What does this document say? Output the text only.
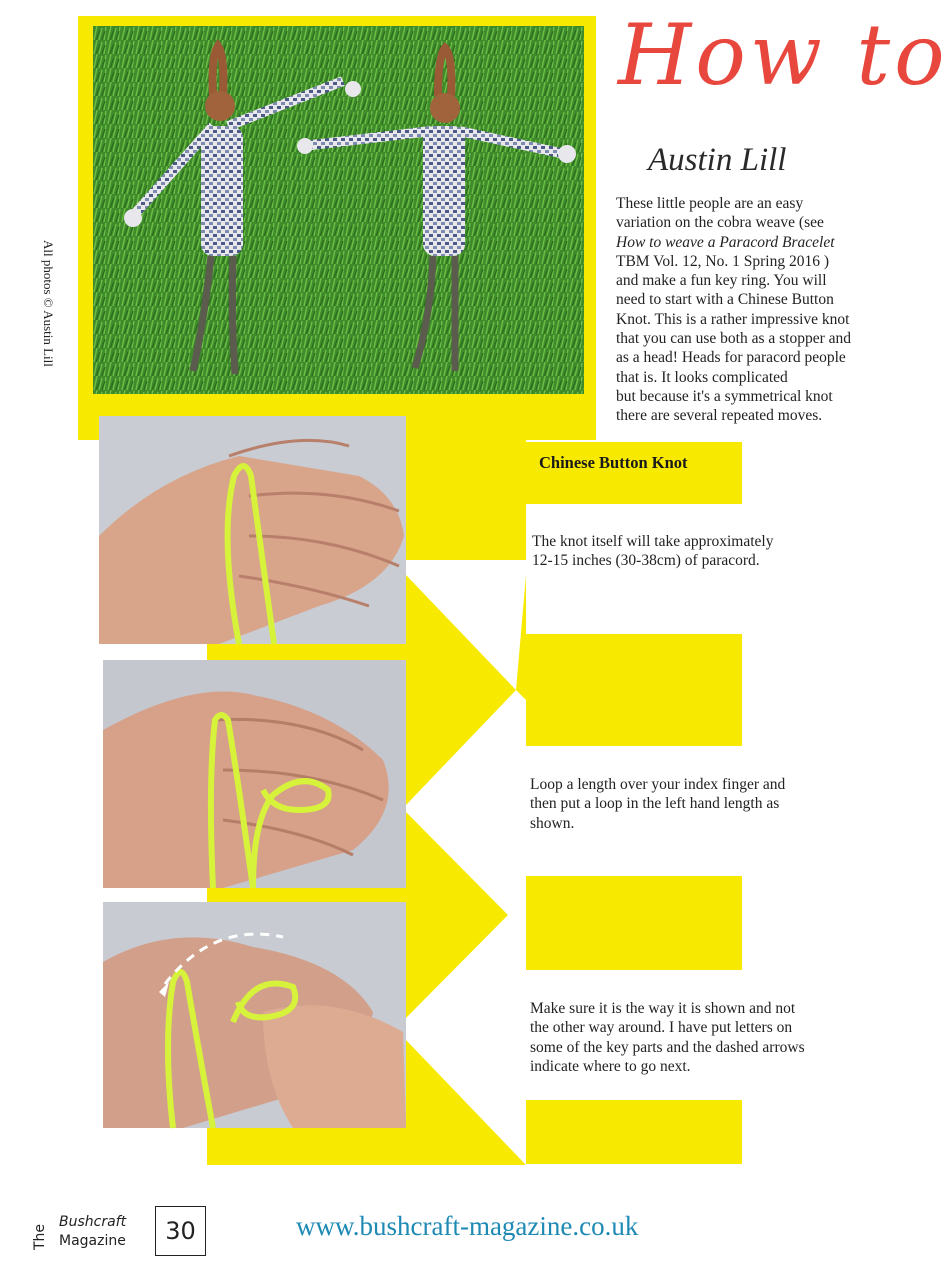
All photos © Austin Lill
How to
Austin Lill
These little people are an easy
variation on the cobra weave (see
How to weave a Paracord Bracelet
TBM Vol. 12, No. 1 Spring 2016 )
and make a fun key ring. You will
need to start with a Chinese Button
Knot. This is a rather impressive knot
that you can use both as a stopper and
as a head! Heads for paracord people
that is. It looks complicated
but because it's a symmetrical knot
there are several repeated moves.
Chinese Button Knot
The knot itself will take approximately
12-15 inches (30-38cm) of paracord.
Loop a length over your index finger and
then put a loop in the left hand length as
shown.
Make sure it is the way it is shown and not
the other way around. I have put letters on
some of the key parts and the dashed arrows
indicate where to go next.
The
Bushcraft
Magazine	30	www.bushcraft-magazine.co.uk
